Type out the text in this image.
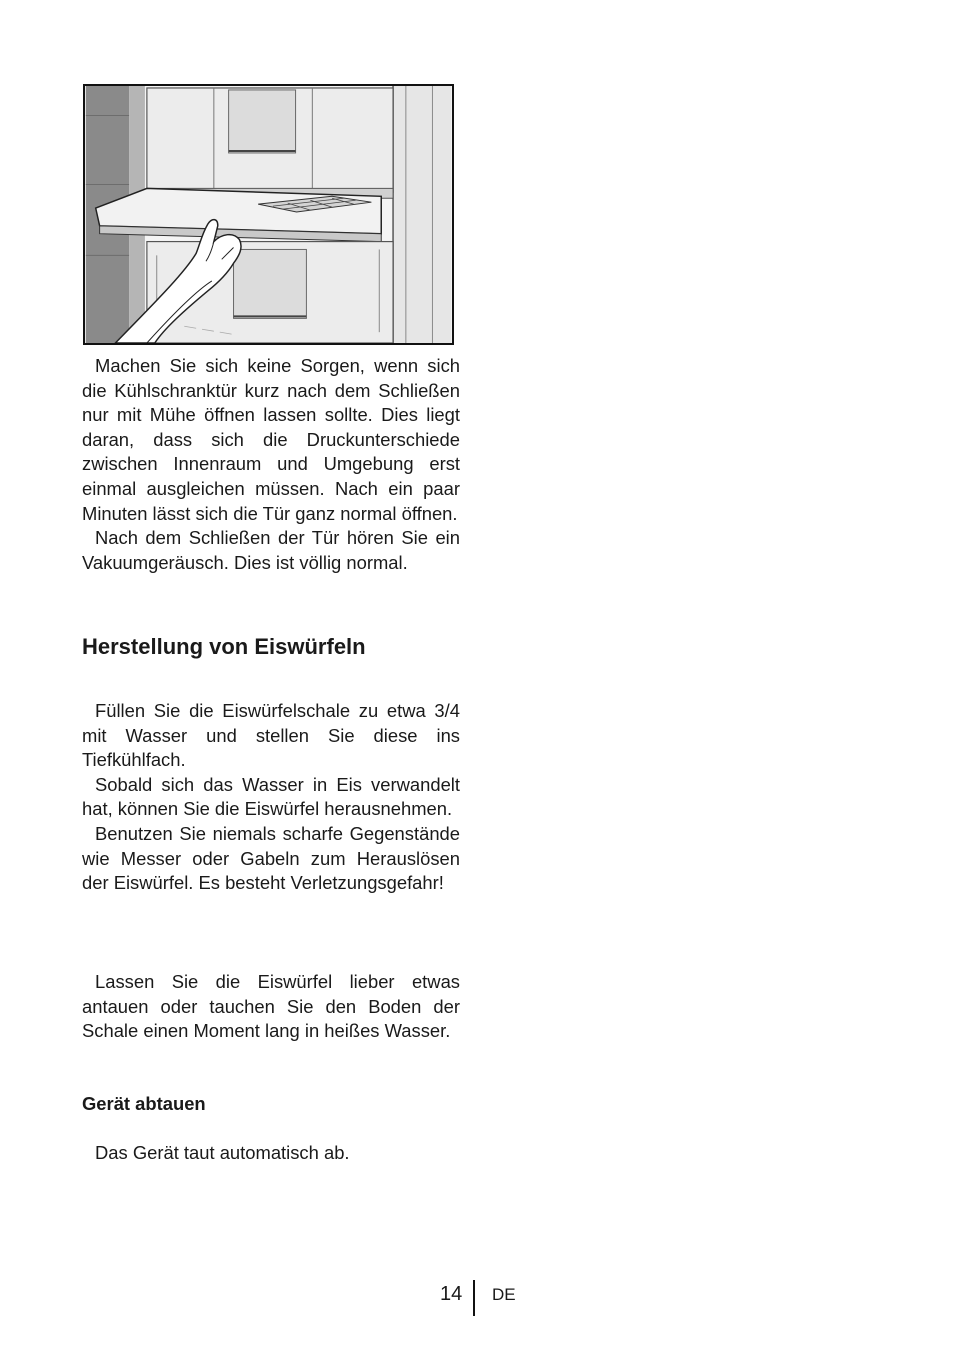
Machen Sie sich keine Sorgen, wenn sich die Kühlschranktür kurz nach dem Schließen nur mit Mühe öffnen lassen sollte. Dies liegt daran, dass sich die Druckunterschiede zwischen Innenraum und Umgebung erst einmal ausgleichen müssen. Nach ein paar Minuten lässt sich die Tür ganz normal öffnen.

Nach dem Schließen der Tür hören Sie ein Vakuumgeräusch. Dies ist völlig normal.

Herstellung von Eiswürfeln

Füllen Sie die Eiswürfelschale zu etwa 3/4 mit Wasser und stellen Sie diese ins Tiefkühlfach.

Sobald sich das Wasser in Eis verwandelt hat, können Sie die Eiswürfel herausnehmen.

Benutzen Sie niemals scharfe Gegenstände wie Messer oder Gabeln zum Herauslösen der Eiswürfel. Es besteht Verletzungsgefahr!

Lassen Sie die Eiswürfel lieber etwas antauen oder tauchen Sie den Boden der Schale einen Moment lang in heißes Wasser.

Gerät abtauen

Das Gerät taut automatisch ab.

14 DE
